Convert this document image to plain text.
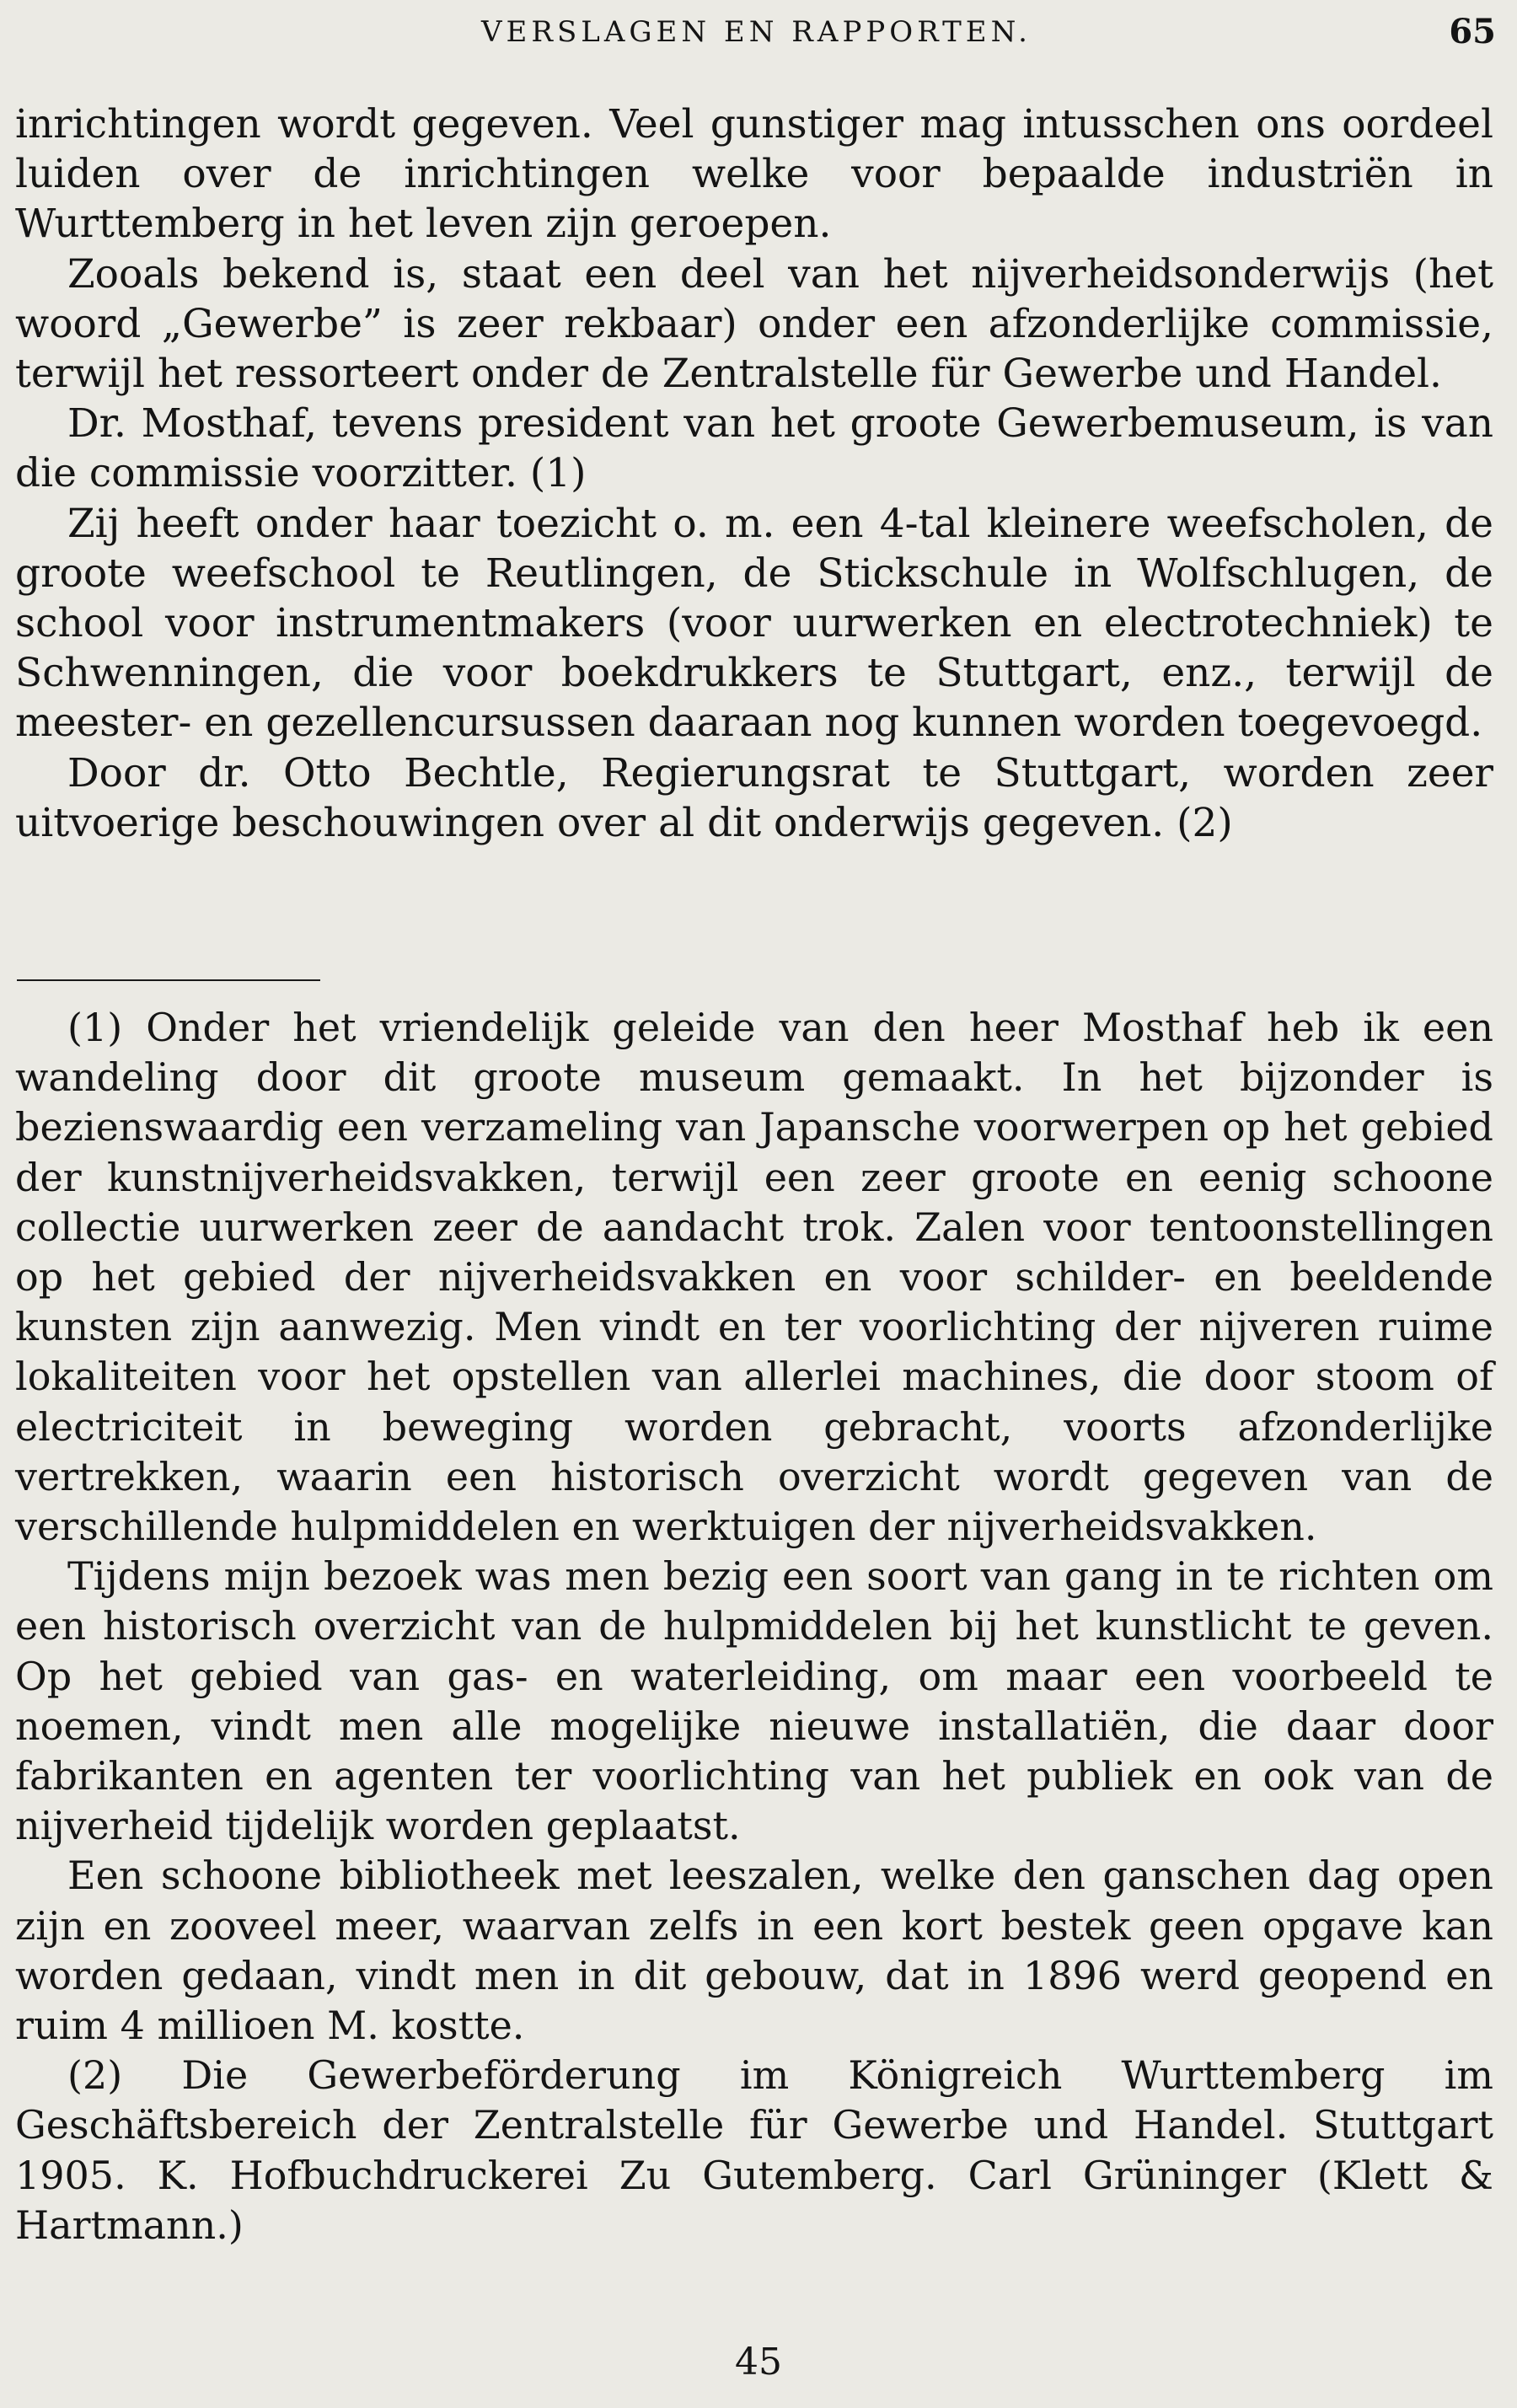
VERSLAGEN EN RAPPORTEN.	65

inrichtingen wordt gegeven. Veel gunstiger mag intusschen ons oordeel luiden over de inrichtingen welke voor bepaalde industriën in Wurttemberg in het leven zijn geroepen.

Zooals bekend is, staat een deel van het nijverheidsonderwijs (het woord „Gewerbe” is zeer rekbaar) onder een afzonderlijke commissie, terwijl het ressorteert onder de Zentralstelle für Gewerbe und Handel.

Dr. Mosthaf, tevens president van het groote Gewerbemuseum, is van die commissie voorzitter. (1)

Zij heeft onder haar toezicht o. m. een 4-tal kleinere weefscholen, de groote weefschool te Reutlingen, de Stickschule in Wolfschlugen, de school voor instrumentmakers (voor uurwerken en electrotechniek) te Schwenningen, die voor boekdrukkers te Stuttgart, enz., terwijl de meester- en gezellencursussen daaraan nog kunnen worden toegevoegd.

Door dr. Otto Bechtle, Regierungsrat te Stuttgart, worden zeer uitvoerige beschouwingen over al dit onderwijs gegeven. (2)

(1) Onder het vriendelijk geleide van den heer Mosthaf heb ik een wandeling door dit groote museum gemaakt. In het bijzonder is bezienswaardig een verzameling van Japansche voorwerpen op het gebied der kunstnijverheidsvakken, terwijl een zeer groote en eenig schoone collectie uurwerken zeer de aandacht trok. Zalen voor tentoonstellingen op het gebied der nijverheidsvakken en voor schilder- en beeldende kunsten zijn aanwezig. Men vindt en ter voorlichting der nijveren ruime lokaliteiten voor het opstellen van allerlei machines, die door stoom of electriciteit in beweging worden gebracht, voorts afzonderlijke vertrekken, waarin een historisch overzicht wordt gegeven van de verschillende hulpmiddelen en werktuigen der nijverheidsvakken.

Tijdens mijn bezoek was men bezig een soort van gang in te richten om een historisch overzicht van de hulpmiddelen bij het kunstlicht te geven. Op het gebied van gas- en waterleiding, om maar een voorbeeld te noemen, vindt men alle mogelijke nieuwe installatiën, die daar door fabrikanten en agenten ter voorlichting van het publiek en ook van de nijverheid tijdelijk worden geplaatst.

Een schoone bibliotheek met leeszalen, welke den ganschen dag open zijn en zooveel meer, waarvan zelfs in een kort bestek geen opgave kan worden gedaan, vindt men in dit gebouw, dat in 1896 werd geopend en ruim 4 millioen M. kostte.

(2) Die Gewerbeförderung im Königreich Wurttemberg im Geschäftsbereich der Zentralstelle für Gewerbe und Handel. Stuttgart 1905. K. Hofbuchdruckerei Zu Gutemberg. Carl Grüninger (Klett & Hartmann.)

45
